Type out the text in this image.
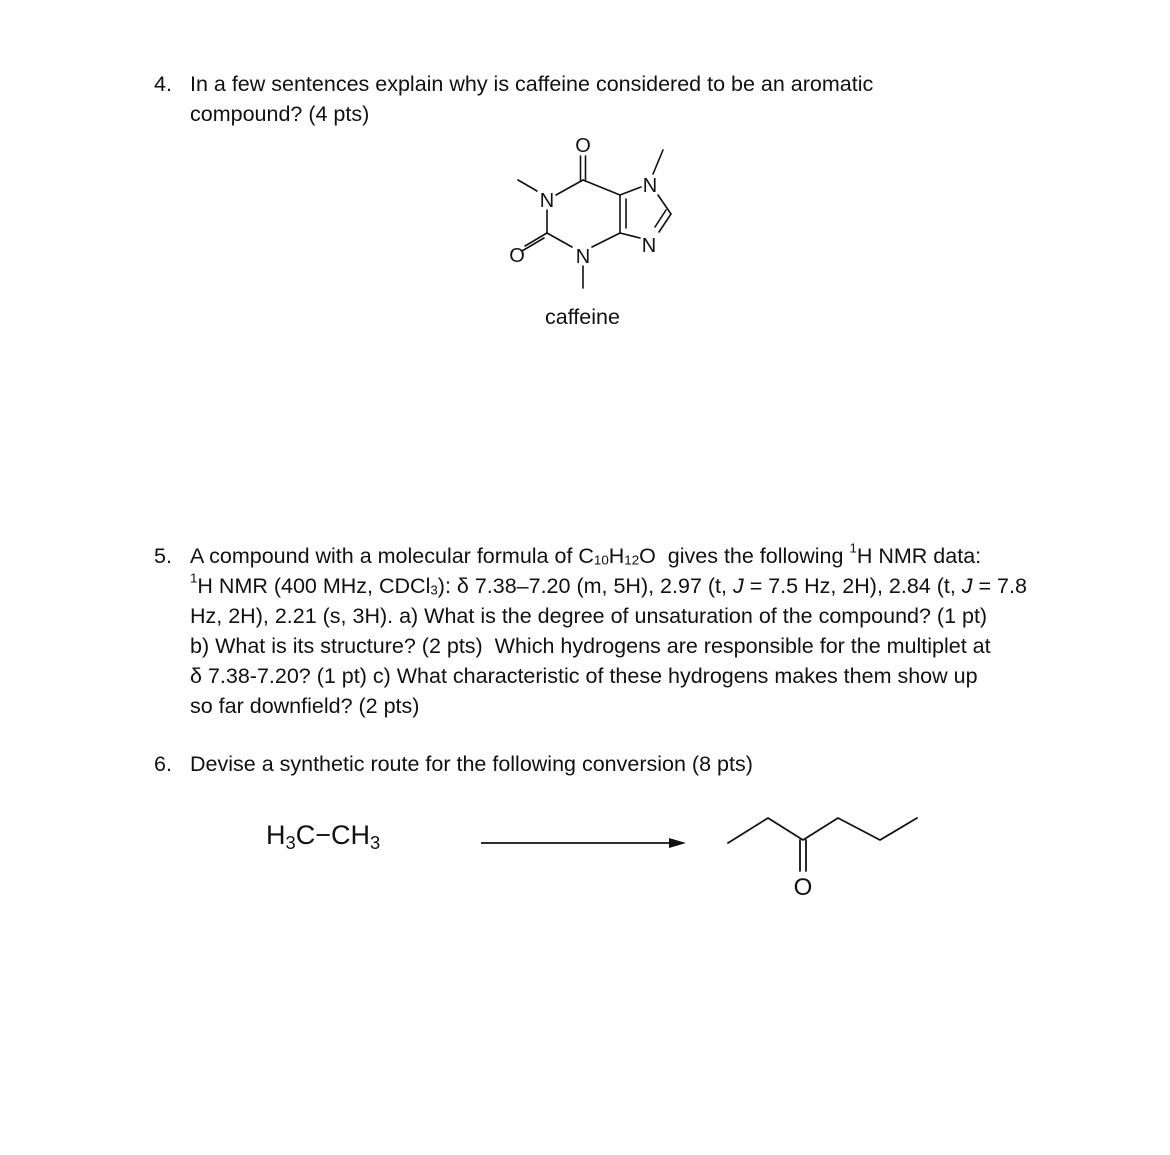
4. In a few sentences explain why is caffeine considered to be an aromatic
compound? (4 pts)
O
N
N
N
N
O
caffeine
5. A compound with a molecular formula of $C_{10}H_{12}O$  gives the following $^1$H NMR data:
$^1$H NMR (400 MHz, CDCl$_3$): δ 7.38–7.20 (m, 5H), 2.97 (t, J = 7.5 Hz, 2H), 2.84 (t, J = 7.8
Hz, 2H), 2.21 (s, 3H). a) What is the degree of unsaturation of the compound? (1 pt)
b) What is its structure? (2 pts)  Which hydrogens are responsible for the multiplet at
δ 7.38-7.20? (1 pt) c) What characteristic of these hydrogens makes them show up
so far downfield? (2 pts)
6. Devise a synthetic route for the following conversion (8 pts)
$H_3C-CH_3$
O
